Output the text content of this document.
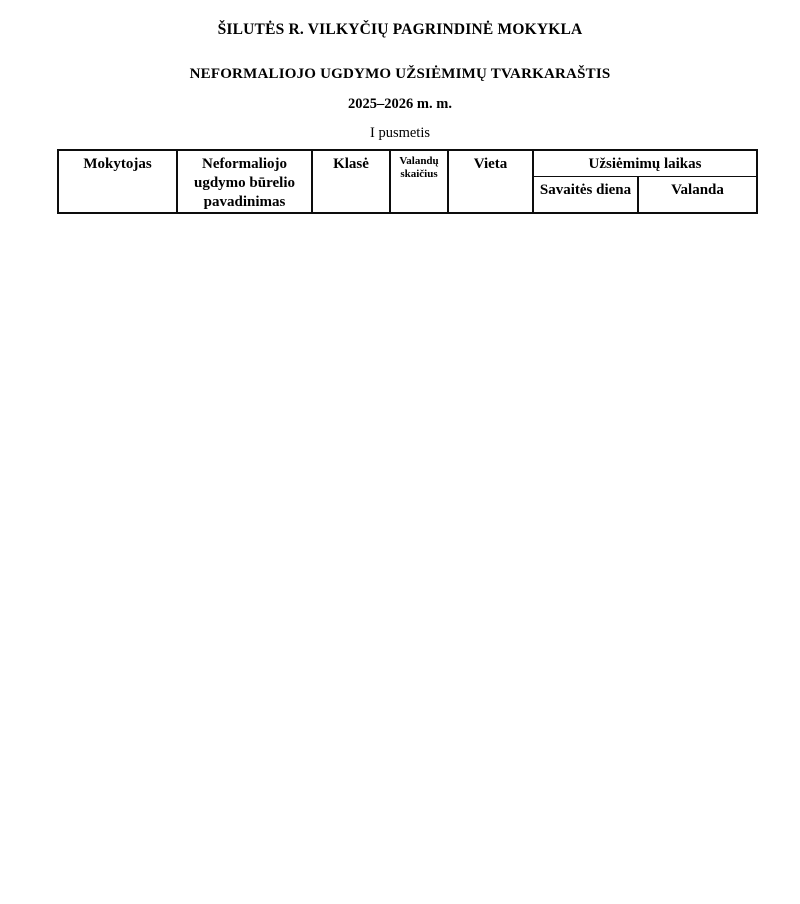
ŠILUTĖS R. VILKYČIŲ PAGRINDINĖ MOKYKLA
NEFORMALIOJO UGDYMO UŽSIĖMIMŲ TVARKARAŠTIS
2025–2026 m. m.
I pusmetis
Mokytojas	Neformaliojo ugdymo būrelio pavadinimas	Klasė	Valandų skaičius	Vieta	Užsiėmimų laikas	
					Savaitės diena	Valanda
